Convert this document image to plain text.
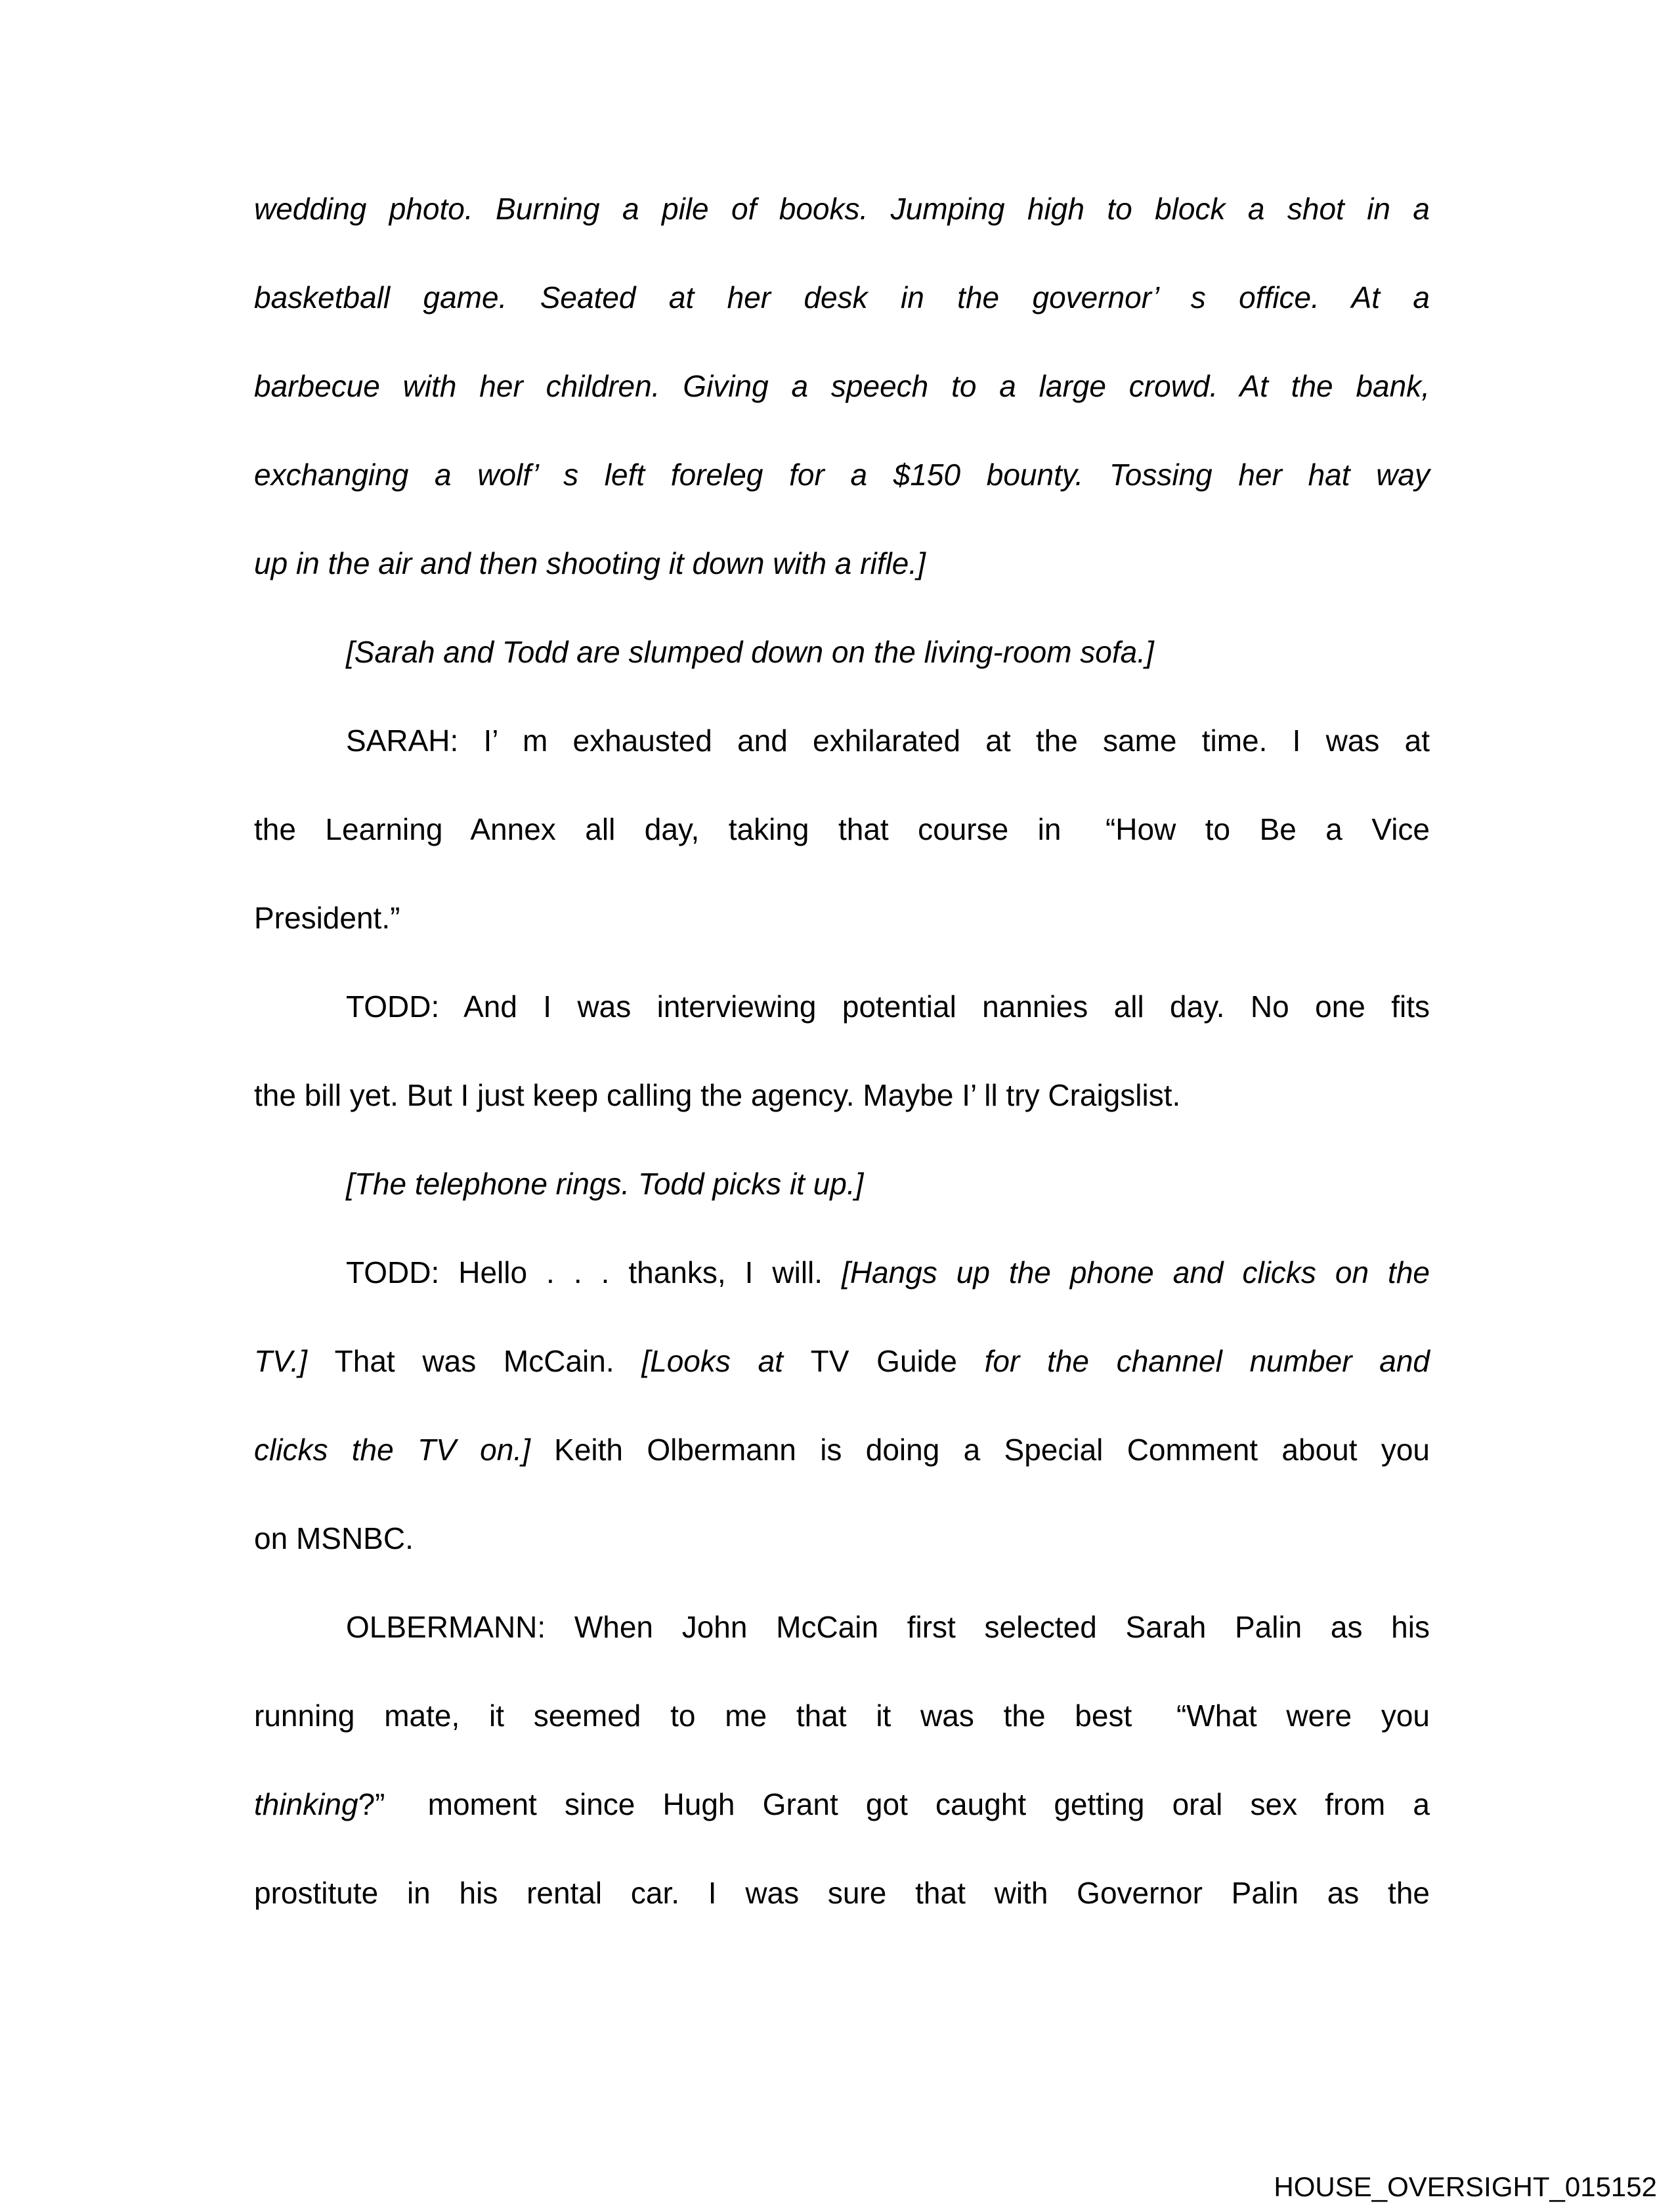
wedding photo. Burning a pile of books. Jumping high to block a shot in a
basketball game. Seated at her desk in the governor’ s office. At a
barbecue with her children. Giving a speech to a large crowd. At the bank,
exchanging a wolf’ s left foreleg for a $150 bounty. Tossing her hat way
up in the air and then shooting it down with a rifle.]
[Sarah and Todd are slumped down on the living-room sofa.]
SARAH: I’ m exhausted and exhilarated at the same time. I was at
the Learning Annex all day, taking that course in  “How to Be a Vice
President.”
TODD: And I was interviewing potential nannies all day. No one fits
the bill yet. But I just keep calling the agency. Maybe I’ ll try Craigslist.
[The telephone rings. Todd picks it up.]
TODD: Hello . . . thanks, I will. [Hangs up the phone and clicks on the
TV.] That was McCain. [Looks at TV Guide for the channel number and
clicks the TV on.] Keith Olbermann is doing a Special Comment about you
on MSNBC.
OLBERMANN: When John McCain first selected Sarah Palin as his
running mate, it seemed to me that it was the best  “What were you
thinking?”  moment since Hugh Grant got caught getting oral sex from a
prostitute in his rental car. I was sure that with Governor Palin as the
HOUSE_OVERSIGHT_015152
